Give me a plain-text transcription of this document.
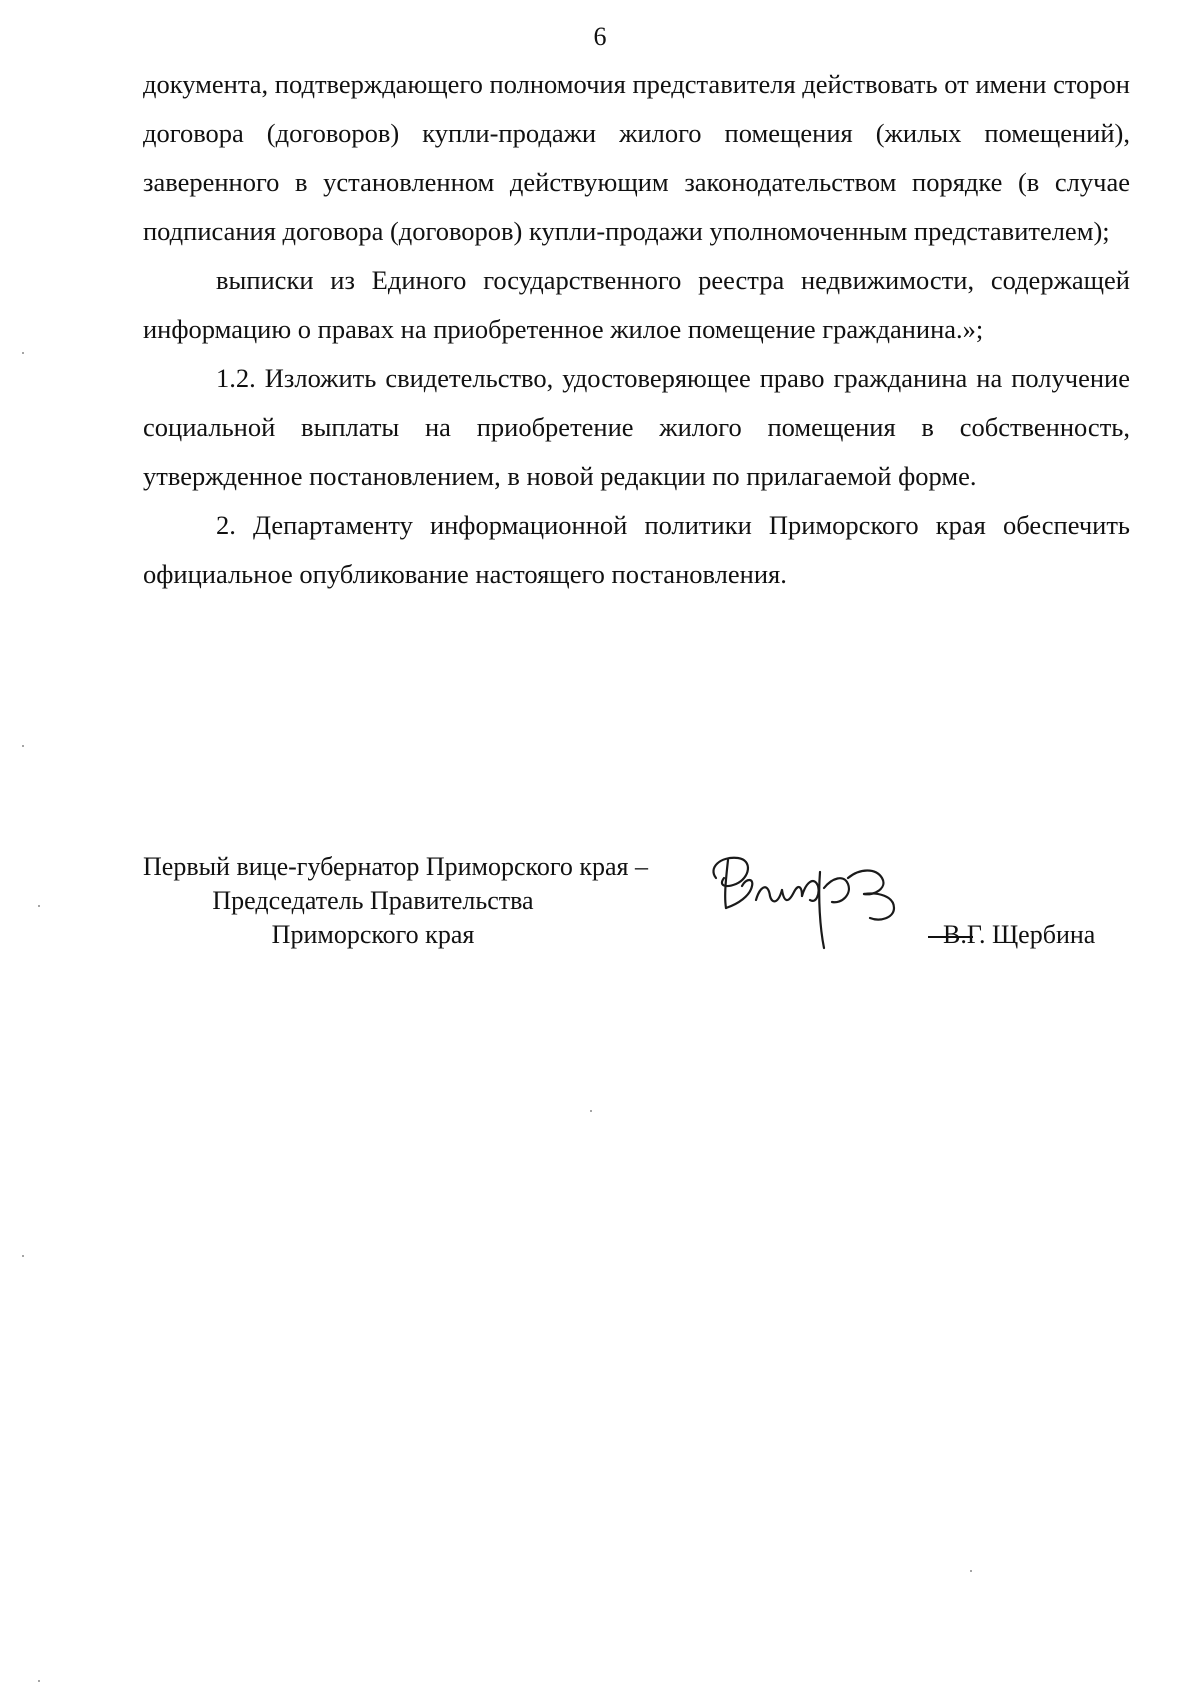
6

документа, подтверждающего полномочия представителя действовать от имени сторон договора (договоров) купли-продажи жилого помещения (жилых помещений), заверенного в установленном действующим законодательством порядке (в случае подписания договора (договоров) купли-продажи уполномоченным представителем);

выписки из Единого государственного реестра недвижимости, содержащей информацию о правах на приобретенное жилое помещение гражданина.»;

1.2. Изложить свидетельство, удостоверяющее право гражданина на получение социальной выплаты на приобретение жилого помещения в собственность, утвержденное постановлением, в новой редакции по прилагаемой форме.

2. Департаменту информационной политики Приморского края обеспечить официальное опубликование настоящего постановления.

Первый вице-губернатор Приморского края –
Председатель Правительства
Приморского края	В.Г. Щербина
